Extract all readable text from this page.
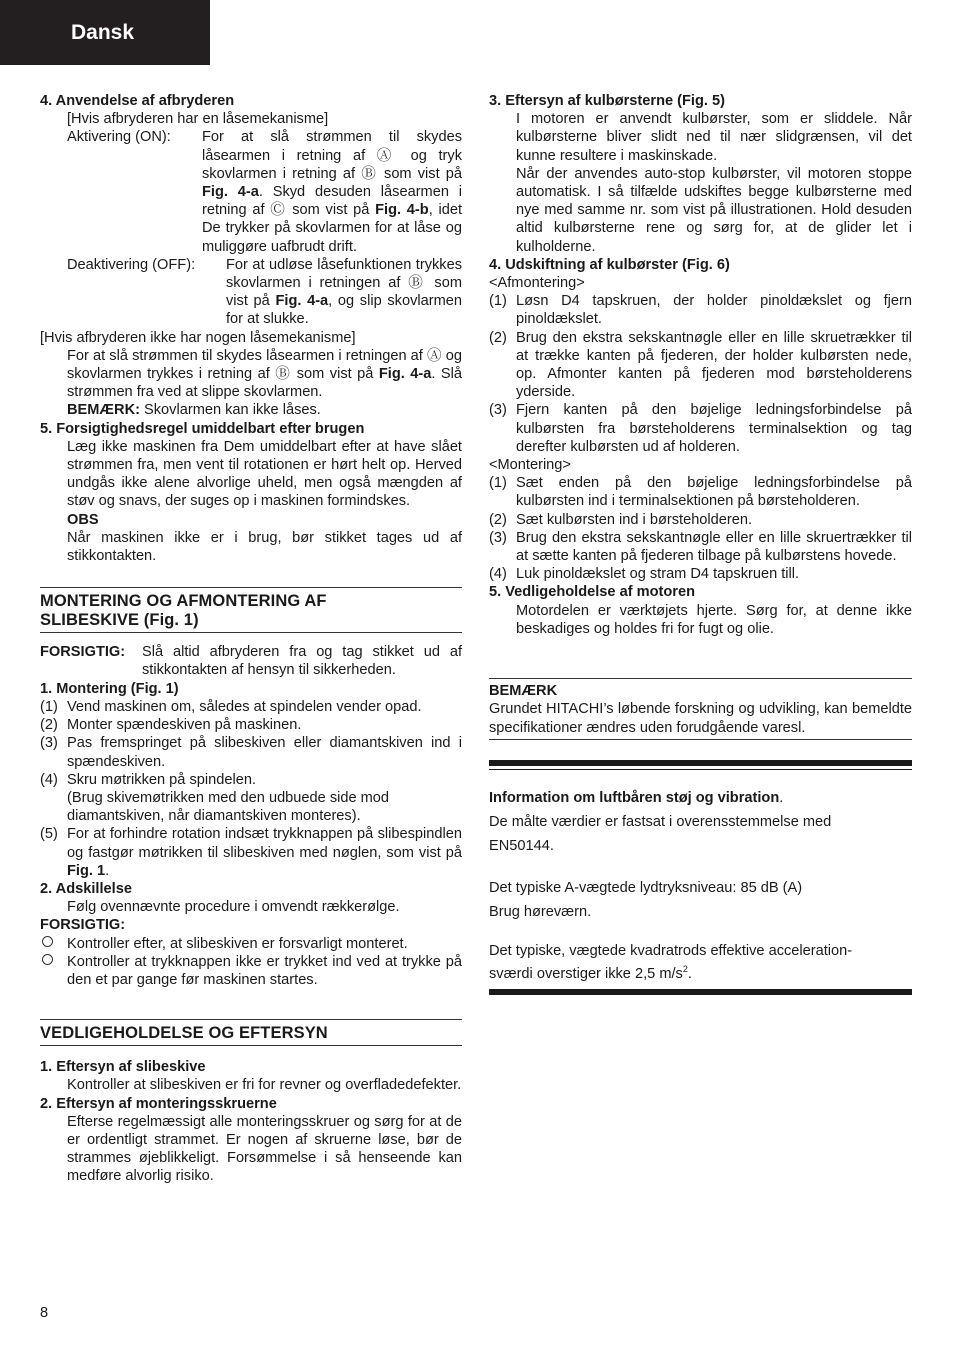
Dansk
4. Anvendelse af afbryderen
[Hvis afbryderen har en låsemekanisme]
Aktivering (ON):	For at slå strømmen til skydes låsearmen i retning af Ⓐ og tryk skovlarmen i retning af Ⓑ som vist på Fig. 4-a. Skyd desuden låsearmen i retning af Ⓒ som vist på Fig. 4-b, idet De trykker på skovlarmen for at låse og muliggøre uafbrudt drift.
Deaktivering (OFF):	For at udløse låsefunktionen trykkes skovlarmen i retningen af Ⓑ som vist på Fig. 4-a, og slip skovlarmen for at slukke.
[Hvis afbryderen ikke har nogen låsemekanisme]
For at slå strømmen til skydes låsearmen i retningen af Ⓐ og skovlarmen trykkes i retning af Ⓑ som vist på Fig. 4-a. Slå strømmen fra ved at slippe skovlarmen.
BEMÆRK: Skovlarmen kan ikke låses.
5. Forsigtighedsregel umiddelbart efter brugen
Læg ikke maskinen fra Dem umiddelbart efter at have slået strømmen fra, men vent til rotationen er hørt helt op. Herved undgås ikke alene alvorlige uheld, men også mængden af støv og snavs, der suges op i maskinen formindskes.
OBS
Når maskinen ikke er i brug, bør stikket tages ud af stikkontakten.
MONTERING OG AFMONTERING AF
SLIBESKIVE (Fig. 1)
FORSIGTIG:	Slå altid afbryderen fra og tag stikket ud af stikkontakten af hensyn til sikkerheden.
1. Montering (Fig. 1)
(1) Vend maskinen om, således at spindelen vender opad.
(2) Monter spændeskiven på maskinen.
(3) Pas fremspringet på slibeskiven eller diamantskiven ind i spændeskiven.
(4) Skru møtrikken på spindelen.
(Brug skivemøtrikken med den udbuede side mod diamantskiven, når diamantskiven monteres).
(5) For at forhindre rotation indsæt trykknappen på slibespindlen og fastgør møtrikken til slibeskiven med nøglen, som vist på Fig. 1.
2. Adskillelse
Følg ovennævnte procedure i omvendt rækkerølge.
FORSIGTIG:
Kontroller efter, at slibeskiven er forsvarligt monteret.
Kontroller at trykknappen ikke er trykket ind ved at trykke på den et par gange før maskinen startes.
VEDLIGEHOLDELSE OG EFTERSYN
1. Eftersyn af slibeskive
Kontroller at slibeskiven er fri for revner og overfladedefekter.
2. Eftersyn af monteringsskruerne
Efterse regelmæssigt alle monteringsskruer og sørg for at de er ordentligt strammet. Er nogen af skruerne løse, bør de strammes øjeblikkeligt. Forsømmelse i så henseende kan medføre alvorlig risiko.
3. Eftersyn af kulbørsterne (Fig. 5)
I motoren er anvendt kulbørster, som er sliddele. Når kulbørsterne bliver slidt ned til nær slidgrænsen, vil det kunne resultere i maskinskade.
Når der anvendes auto-stop kulbørster, vil motoren stoppe automatisk. I så tilfælde udskiftes begge kulbørsterne med nye med samme nr. som vist på illustrationen. Hold desuden altid kulbørsterne rene og sørg for, at de glider let i kulholderne.
4. Udskiftning af kulbørster (Fig. 6)
<Afmontering>
(1) Løsn D4 tapskruen, der holder pinoldækslet og fjern pinoldækslet.
(2) Brug den ekstra sekskantnøgle eller en lille skruetrækker til at trække kanten på fjederen, der holder kulbørsten nede, op. Afmonter kanten på fjederen mod børsteholderens yderside.
(3) Fjern kanten på den bøjelige ledningsforbindelse på kulbørsten fra børsteholderens terminalsektion og tag derefter kulbørsten ud af holderen.
<Montering>
(1) Sæt enden på den bøjelige ledningsforbindelse på kulbørsten ind i terminalsektionen på børsteholderen.
(2) Sæt kulbørsten ind i børsteholderen.
(3) Brug den ekstra sekskantnøgle eller en lille skruertrækker til at sætte kanten på fjederen tilbage på kulbørstens hovede.
(4) Luk pinoldækslet og stram D4 tapskruen till.
5. Vedligeholdelse af motoren
Motordelen er værktøjets hjerte. Sørg for, at denne ikke beskadiges og holdes fri for fugt og olie.
BEMÆRK
Grundet HITACHI’s løbende forskning og udvikling, kan bemeldte specifikationer ændres uden forudgående varesl.

Information om luftbåren støj og vibration.

De målte værdier er fastsat i overensstemmelse med

EN50144.

Det typiske A-vægtede lydtryksniveau: 85 dB (A)

Brug høreværn.

Det typiske, vægtede kvadratrods effektive acceleration-

sværdi overstiger ikke 2,5 $m/s^2$.

8
